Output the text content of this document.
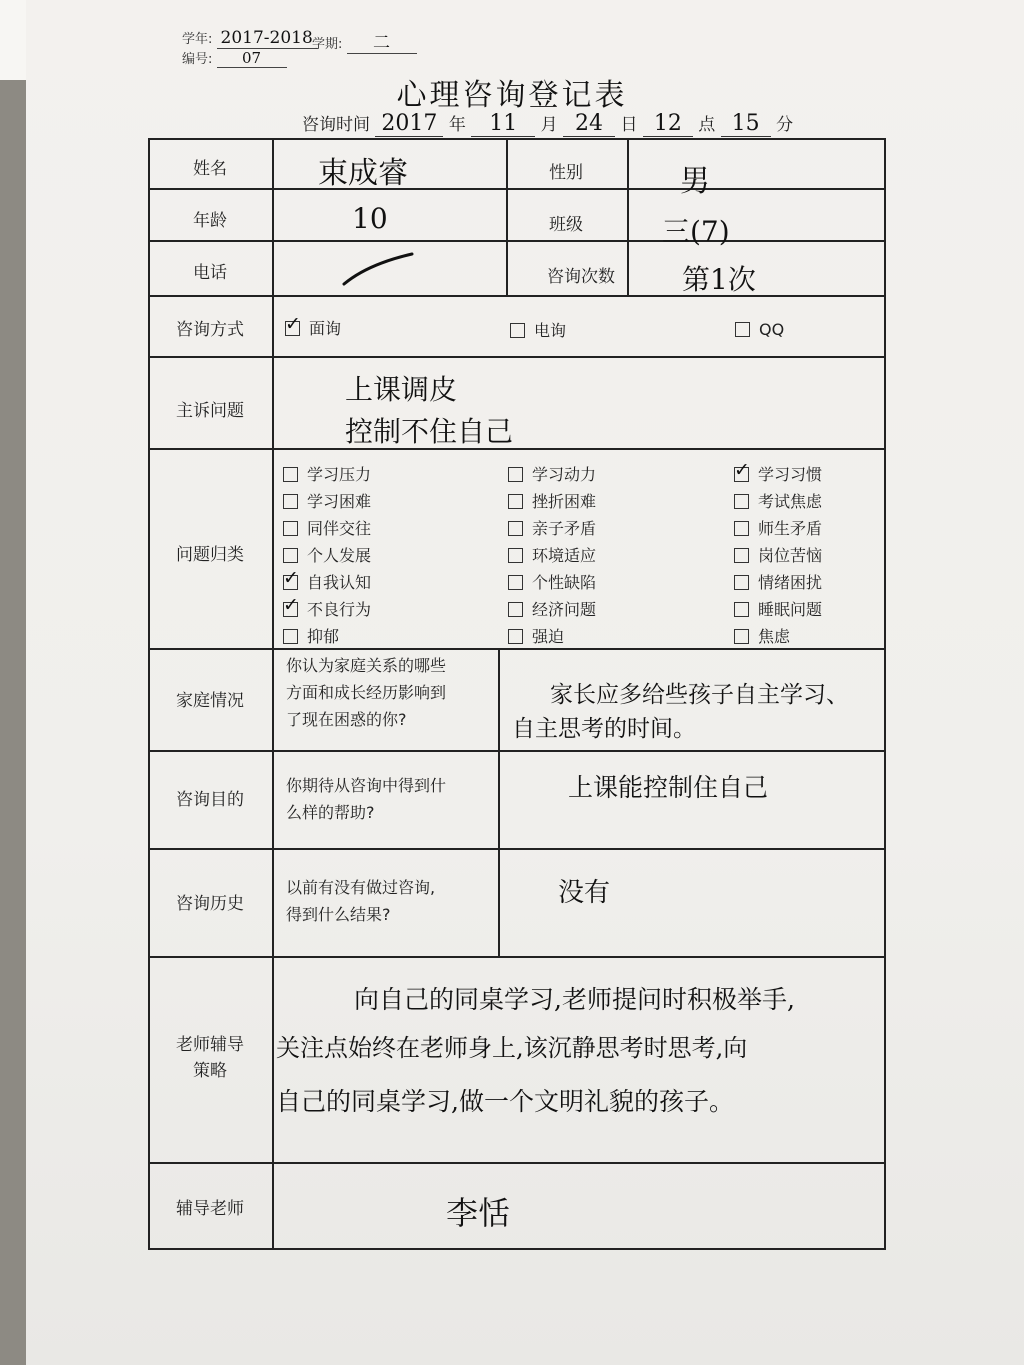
学年: 2017-2018 学期: 二
编号: 07
心理咨询登记表
咨询时间 2017 年 11 月 24 日 12 点 15 分
姓名	束成睿	性别	男
年龄	10	班级	三(7)
电话	咨询次数	第1次
咨询方式
✓	面询	电询	QQ
主诉问题
上课调皮
控制不住自己
问题归类
学习压力
学习困难
同伴交往
个人发展
✓自我认知
✓不良行为
抑郁
学习动力
挫折困难
亲子矛盾
环境适应
个性缺陷
经济问题
强迫
✓学习习惯
考试焦虑
师生矛盾
岗位苦恼
情绪困扰
睡眠问题
焦虑
家庭情况
你认为家庭关系的哪些
方面和成长经历影响到
了现在困惑的你?
家长应多给些孩子自主学习、
自主思考的时间。
咨询目的
你期待从咨询中得到什
么样的帮助?
上课能控制住自己
咨询历史
以前有没有做过咨询,
得到什么结果?
没有
老师辅导
策略
向自己的同桌学习,老师提问时积极举手,
关注点始终在老师身上,该沉静思考时思考,向
自己的同桌学习,做一个文明礼貌的孩子。
辅导老师	李恬
